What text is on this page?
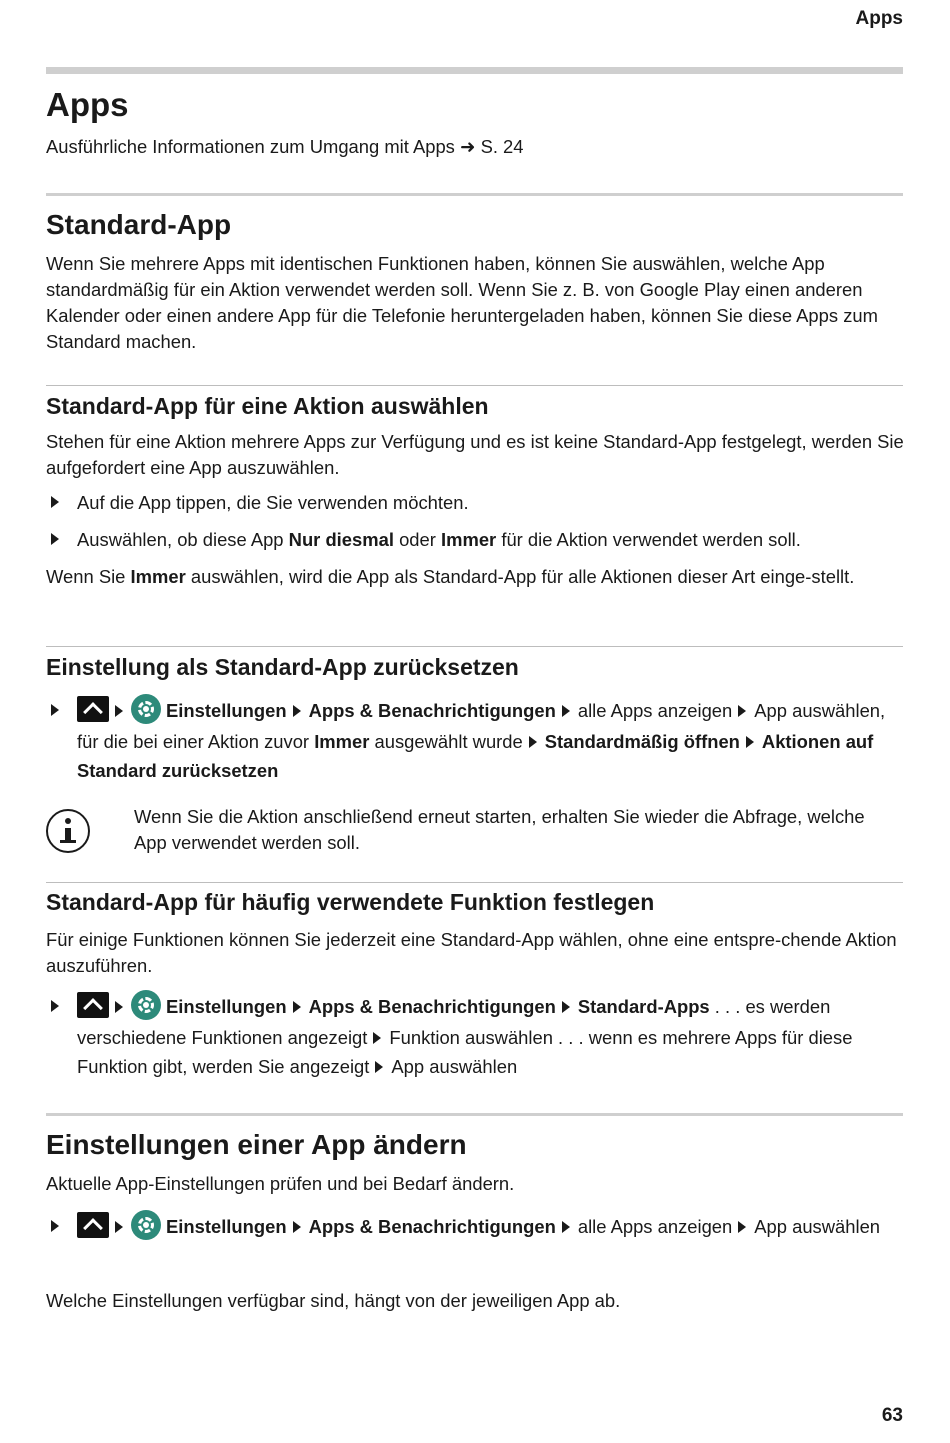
Apps
Apps
Ausführliche Informationen zum Umgang mit Apps ➜ S. 24
Standard-App

Wenn Sie mehrere Apps mit identischen Funktionen haben, können Sie auswählen, welche App standardmäßig für ein Aktion verwendet werden soll. Wenn Sie z. B. von Google Play einen anderen Kalender oder einen andere App für die Telefonie heruntergeladen haben, können Sie diese Apps zum Standard machen.

Standard-App für eine Aktion auswählen

Stehen für eine Aktion mehrere Apps zur Verfügung und es ist keine Standard-App festgelegt, werden Sie aufgefordert eine App auszuwählen.

Auf die App tippen, die Sie verwenden möchten.
Auswählen, ob diese App Nur diesmal oder Immer für die Aktion verwendet werden soll.

Wenn Sie Immer auswählen, wird die App als Standard-App für alle Aktionen dieser Art einge-stellt.

Einstellung als Standard-App zurücksetzen
Einstellungen Apps & Benachrichtigungen alle Apps anzeigen App auswählen, für die bei einer Aktion zuvor Immer ausgewählt wurde Standardmäßig öffnen Aktionen auf Standard zurücksetzen

Wenn Sie die Aktion anschließend erneut starten, erhalten Sie wieder die Abfrage, welche App verwendet werden soll.

Standard-App für häufig verwendete Funktion festlegen

Für einige Funktionen können Sie jederzeit eine Standard-App wählen, ohne eine entspre-chende Aktion auszuführen.

Einstellungen Apps & Benachrichtigungen Standard-Apps . . . es werden verschiedene Funktionen angezeigt Funktion auswählen . . . wenn es mehrere Apps für diese Funktion gibt, werden Sie angezeigt App auswählen
Einstellungen einer App ändern

Aktuelle App-Einstellungen prüfen und bei Bedarf ändern.

Einstellungen Apps & Benachrichtigungen alle Apps anzeigen App auswählen

Welche Einstellungen verfügbar sind, hängt von der jeweiligen App ab.

63
